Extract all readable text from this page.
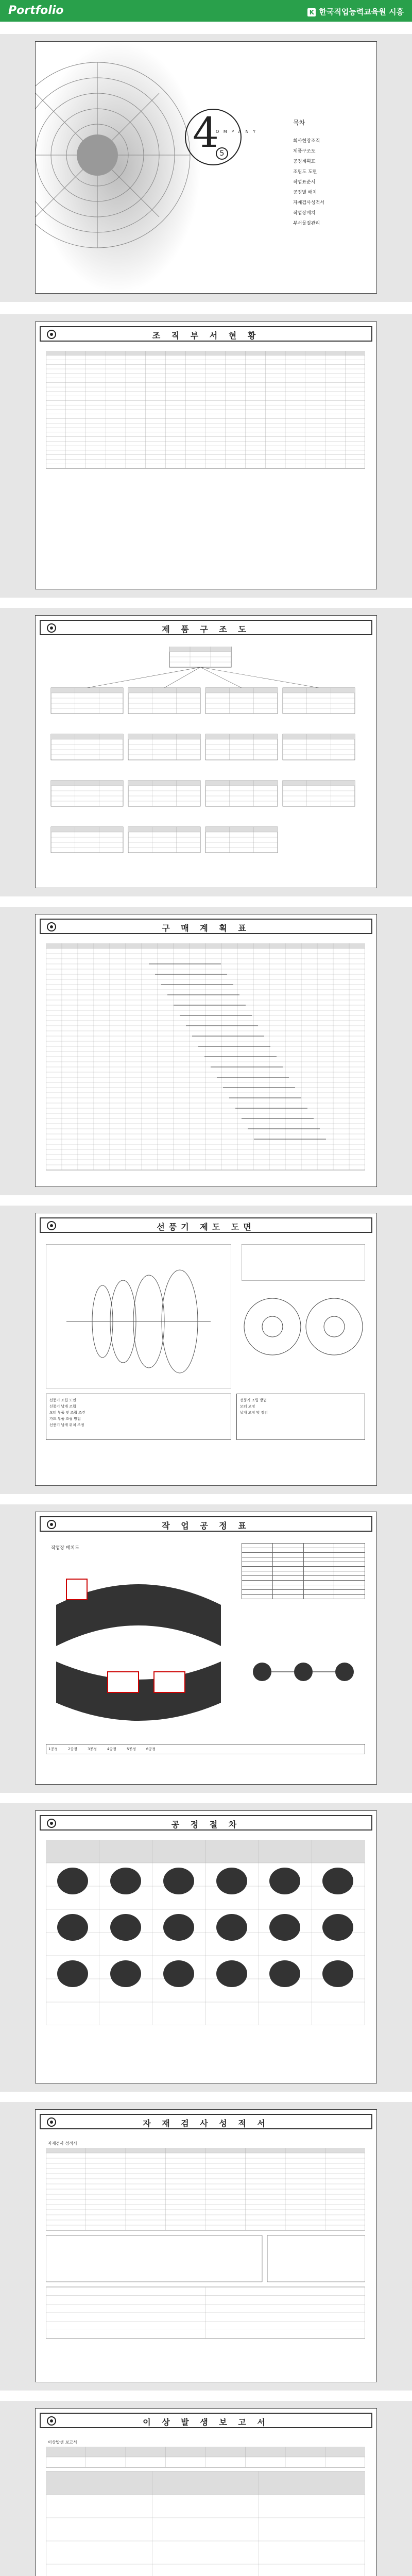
Portfolio	K 한국직업능력교육원 시흥
4
O M P A N Y
5
목차
회사현장조직
제품구조도
공정계획표
조립도 도면
작업표준서
공정별 배치
자재검사성적서
작업장배치
부서물질관리
조 직 부 서 현 황
제 품 구 조 도
구 매 계 획 표
선풍기 제도 도면
선풍기 조립 도면
선풍기 날개 조립
모터 부품 및 조립 조건
가드 부품 조립 방법
선풍기 날개 위치 조정
선풍기 조립 방법
모터 고정
날개 고정 및 점검
작 업 공 정 표
작업장 배치도

1공정	2공정	3공정	4공정	5공정	6공정
공 정 절 차
자 재 검 사 성 적 서
자재검사 성적서
이 상 발 생 보 고 서
이상발생 보고서
